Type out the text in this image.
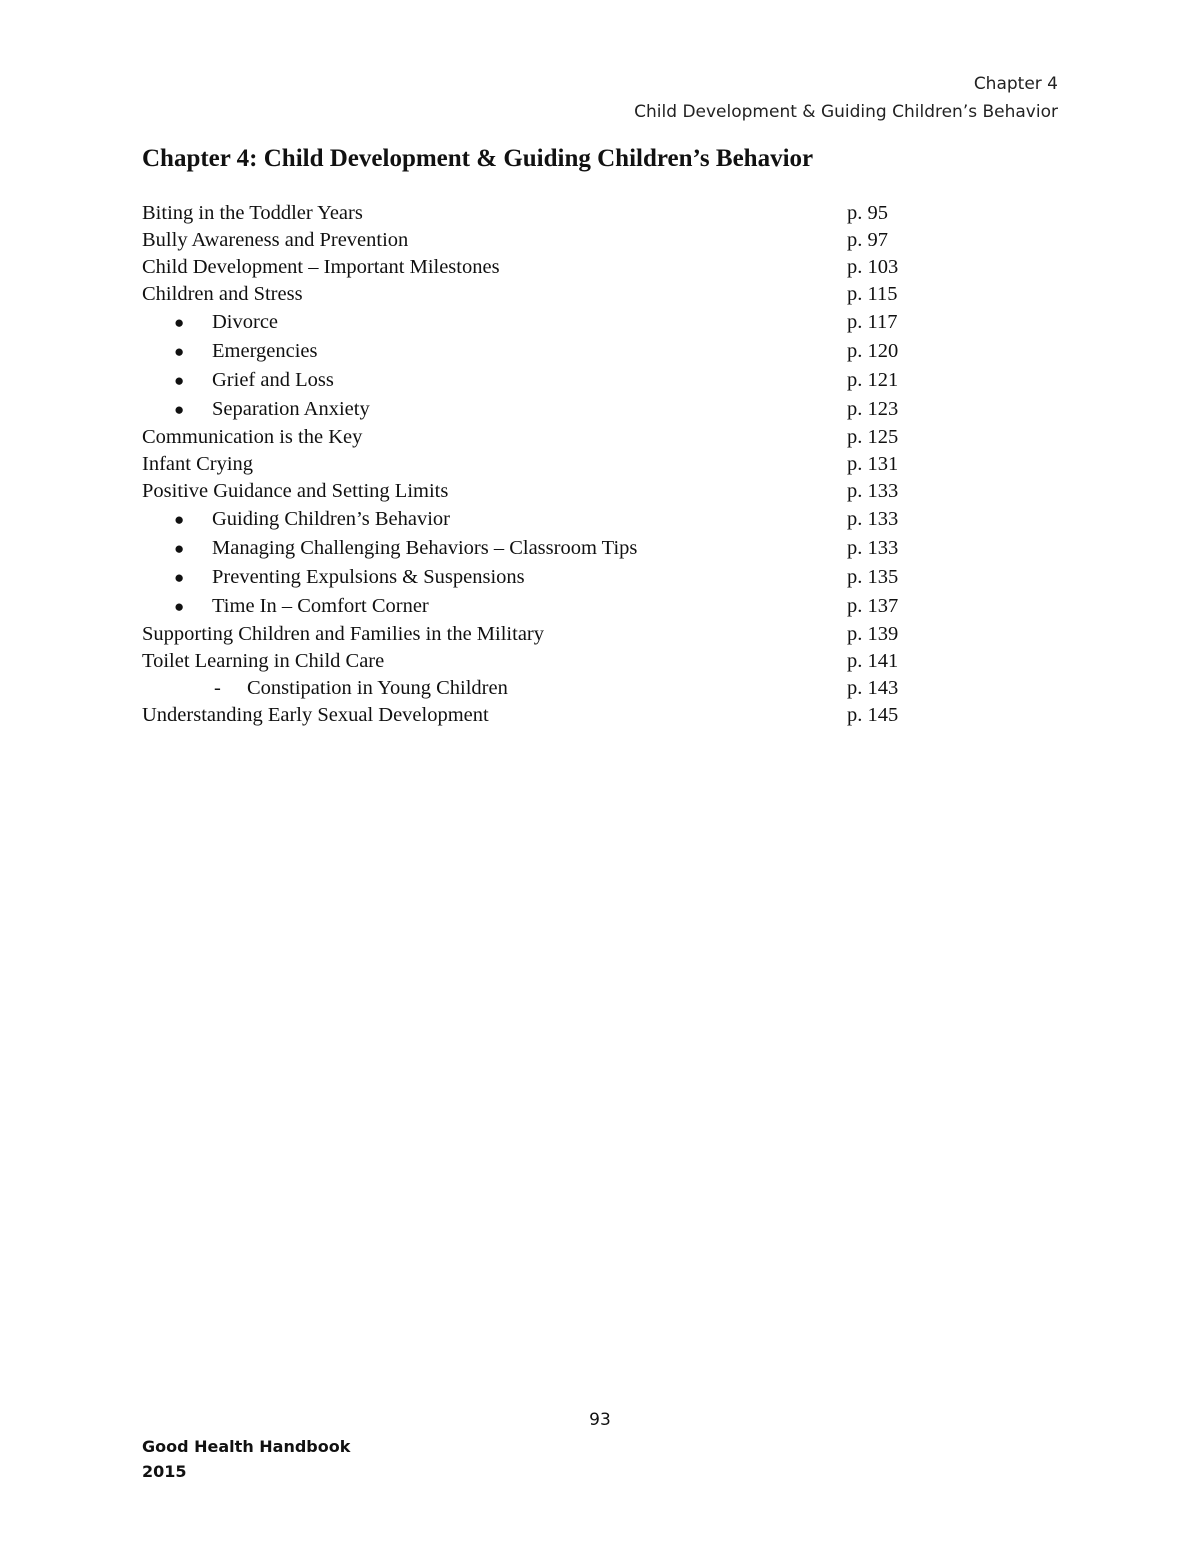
Chapter 4
Child Development & Guiding Children’s Behavior
Chapter 4: Child Development & Guiding Children’s Behavior
Biting in the Toddler Years	p. 95
Bully Awareness and Prevention	p. 97
Child Development – Important Milestones	p. 103
Children and Stress	p. 115
● Divorce	p. 117
● Emergencies	p. 120
● Grief and Loss	p. 121
● Separation Anxiety	p. 123
Communication is the Key	p. 125
Infant Crying	p. 131
Positive Guidance and Setting Limits	p. 133
● Guiding Children’s Behavior	p. 133
● Managing Challenging Behaviors – Classroom Tips	p. 133
● Preventing Expulsions & Suspensions	p. 135
● Time In – Comfort Corner	p. 137
Supporting Children and Families in the Military	p. 139
Toilet Learning in Child Care	p. 141
- Constipation in Young Children	p. 143
Understanding Early Sexual Development	p. 145
93
Good Health Handbook
2015
